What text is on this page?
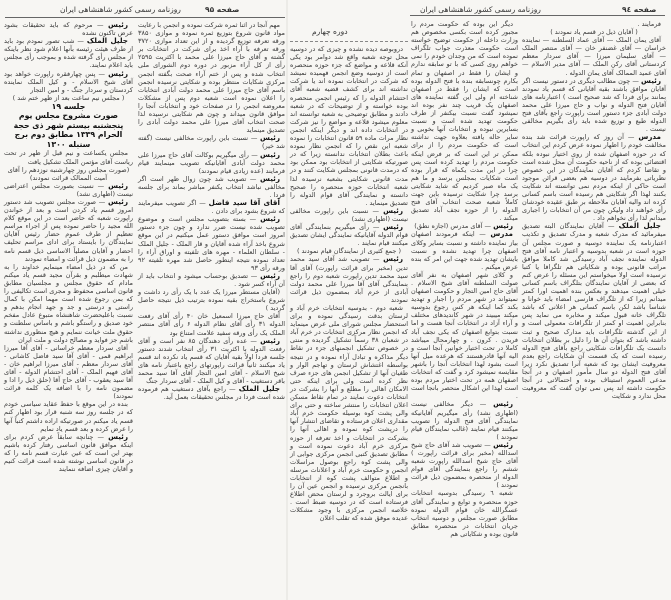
روزنامه رسمی کشور شاهنشاهی ایران	صفحه ۹۵
دوره چهارم
روزنامه رسمی کشور شاهنشاهی ایران	صفحه ۹٤

رئیس — مرحوم که باید تحقیقات بشود عرض تاکنون نشده

جلیل الملک — شب تصور نمودم بود باید از طرف هیئت رئیسه بآنها اعلام شود نظر باینکه از مجلس رأی گرفته شده و بموجب رأی مجلس باید اعلام نمایند.

رئیس — پس چهارفقره راپورت خواهد بود آقای شیخ الاسلام - و کیل الملک نماینده کردستان و سردار جنگ - و امین التجار

( مجلس نیم ساعت بعد از ظهر ختم شد )

جلسه ۱۹

صورت مشروح مجلس یوم پنجشنبه بیستم شهر ذی حجة الحرام ۱۳۳۹ مطابق دوم برج سنبله ۱۳۰۰

مجلس یکساعت و نیم قبل از ظهر در تحت ریاست آقای مؤتمن الملک تشکیل یافت

(صورت مجلس روز چهارشنبه نوزدهم را آقای آمیت الممالک قرائت نمودند)

رئیس — نسبت بصورت مجلس اعتراضی نیست (اظهاری نشد)

رئیس — صورت مجلس تصویب شد دستور امروز قسم یاد کردن است و بعد از خواندن راپورت شعبه که حاضر است در این موقع کلام الله مجید را حاضر نموده پس از اجراء مراسم تعظیم از طرف عموم حضار رئیس آقایان نمایندگان را بایستاد برای ادای مراسم تحلیف احضار و آقایان مصلیاً الاساسی ذیل قسم نامه را به مضمون ذیل قرائت و امضاء نمودند

من که در ذیل امضاء مینمایم خداوند را به شهادت میطلبم و بقرآن مجید قسم یاد میکنم مادام که حقوق مجلس و مجلسیان مطابق قانون اساسی محفوظ و مجری است تکالیفی را که بمن رجوع شده است مهما امکن با کمال راستی و درستی و جد و جهد انجام بدهم و نسبت باعلیحضرت شاهنشاه متبوع عادل مفخم خود صدیق و راستگو باشم و باساس سلطنت و حقوق ملت خیانت ننمایم و هیچ منظوری نداشته باشم جز فواید و مصالح دولت و ملت ایران

آقای سردار معظم خراسانی - آقای آقا میرزا ابراهیم قمی - آقای آقا سید فاضل کاشانی - آقای سردار معظم - آقای میرزا ابراهیم خان - آقای فهیم الملک - آقای احتشام الدوله - آقای آقا سید یعقوب - آقای حاج آقا (حلق ذیل را ادا و مضمون نامه را با اضافه یک کلمه قرائت نمودند)

بنده در این موقع با حفظ عقاید سیاسی خودم که در جلسه روز سه شنبه قرار بود اظهار کنم قسم یاد میکنم در صورتیکه اراده داشتم کتباً آنها را عرض کرده و بعد قسم یاد نمایم

رئیس — چنانچه سابقاً عرض کردم برای اینکه موافق قانون اساسی رفتار کرده باشیم بهتر این است که عین عبارت قسم نامه را که در قانون اساسی نوشته شده است قرائت کنیم و آقایان چیزی اضافه ننمایند

مهم آنجا در اثنا ثمره شرکت نموده و انجمن با رعایت مواد قانون شروع بتوزیع ثمره نموده و موازی ۳۸۵۰ ورقه تعرفه توزیع گردیده و از این تعداد موازی ۳۷۲۰ ورقه تعرفه با آراء اخذ برای شرکت در انتخابات بر گشته و آقای حاج میرزا علی محمد با اکثریت ۲۵۹۵ رأی از کل آراء مزبور در دوره دوم الشورای ملی انتخاب شده و پس از ختم آراء صحت بگفته انجمن مرکزی شکایات منتظر بوده و شکایتی نرسیده انجمن باسم آقای حاج میرزا علی محمد دولت آبادی انتخابات را اعلان نموده است شعبه دوم پس از مشکلات معروضه انجمن را در صفحات خود و انتخابات آنجا را موافق قانون میداند و چون هم شکایتی نرسیده لذا صحت انتخاب آقای میرزا علی محمد دولت آبادی را تصدیق مینماید

رئیس — نسبت باین راپورت مخالفی نیست (گفته شد خیر)

رئیس — رأی میگیریم بوکالت آقای حاج میرزا علی محمد دولت آبادی آقایانیکه تصویب مینمایند قیام فرمایند (عده زیادی قیام نمودند)

رئیس — تصویب شد چون زوال ظهر است اگر مخالفی نباشد انتخاب یکنفر مباشر بماند برای جلسه فردا .

آقای آقا سید فاضل — اگر تصویب میفرمایند که شروع بشود برای دادن .

رئیس — بسته بتصویب مجلس است و موضوع تصویب شده نیست ضرر ندارد و چون جزء دستور امروز است موافق دستور عمل میکنیم در این موقع شروع باخذ آراء شده آقایان و قار الملک - جلیل الملک - سلطان العلماء - مهره های تلفیته و اوراق آراء را تعداد نموده نتیجه اینطور حاصل شد مهره تلفیته ۹۲ ورقه رأی ۹۳

رئیس — تصدیق بوحساب میشود و انتخاب باید از آن آراء کسر شود .

(آقایان مستطر میرزا یک عدد با یک رأی رد داشت و شروع باستخراج بقیه نموده بترتیب ذیل نتیجه حاصل گردید )

آقای حاج میرزا اسمعیل خان ۴۰ رأی آقای رفعت الدوله ۳۱ رأی آقای نظام الدوله ۶ رأی آقای منتصر الملک یک رأی ورقه سفید علامت امتناع بود

رئیس — عده رأی دهندگان ۸۵ نفر است و آقای رفعت الدوله با اکثریت ۳۱ رأی انتخاب شدند دستور جلسه فردا اولاً بقیه آقایان که قسم یاد نکرده اند قسم یاد میکنند ثانیاً قرائت راپورتهای راجع باعتبار نامه های شیخ الاسلام - آقای امین التجار آقای آقا سید محمد باقر دستغیب - آقای و کیل الملک - آقای سردار جنگ

جلیل الملک — راجع بآقای دستغیب هم فرموده شده است فردا در مجلس تحقیقات بعمل آید.

دروبوصه دیده نشده و چیزی که در دوسیه محل توجه شعبه واقع شد دوامر بود یکی آنکه قلاعه و مواضع که جزء حوزه منحصره است از دوسیه وضع انجمن فهمیده نمیشد که شرکت در انتخابات نموده اند یا شرکت نداشته اند برای کشف قضیه شعبه آقای احتشام الدوله را که رئیس انجمن منحصره بوده خواسته و از توضیحات که در شعبه دادند و مطابق توضیحی به شعبه توانسته اند معلوم میشود قلاعه و مواضع را نیز شرکت در انتخابات داده اند و دیگر اینکه انجمن نظار مرات ماده ۵۹ قانون انتخابات را نموده شعبه این نقص را که انجمن نظار نموده باعث بطلان انتخابات ندانسته زیرا که در صورتیکه شکایتی از انتخابات بود ممکن بود که درمدت قانونی بمجلس شکایت کنند و در مدت قانونی شکایتی بشعبه نرسیده لذا شعبه انتخابات حوزه منحصره را صحیح دانسته و نمایندگی آقای قوام الدوله را تصدیق مینماید .

رئیس — نسبت باین راپورت مخالفی نیست (اظهاری نشد)

رئیس — رأی میگیریم بنمایندگی آقای قوام الدوله آقایانیکه نمایندگی ایشان تصدیق میکنند قیام نمایند .

( جمع کثیری از نمایندگان قیام نمودند )

رئیس — تصویب شد آقای سید محمد تدین (مخبر برای قرائت راپورت) آقای آقا سید محمد تدین راپورت شعبه دوم را راجع بنمایندگی آقای آقا میرزا علی محمد دولت آبادی از خرم آباد بمضمون ذیل قرائت نمودند

شعبه دوم - بدوسیه انتخابات خرم آباد و لرستان بدقت رسیدگی نموده و برای استحضار مجلس شورای ملی عرض مینماید که انجمن نظار مرکزی انتخابات در خرم آباد در شعبان ۳۸ رسماً تشکیل گردیده و منتی در خصوص تشکیل انجمنهای جزء در نقاط دیگر مذاکره و تبادل آراء نموده و در نتیجه بواسطه اغتشاش لرستان و تهاجم الوار و طغیان آنها از تشکیل انجمن های جزء صرف نظر کرده است ولی برای اینکه حتی الامکان اهالی را مطلع و آنها را بشرکت در انتخابات دعوت نمایند در تمام نقاط مسکن اعلان انتخابات را منتشر ساخته و حتی برای والی پشت کوه بوسیله حکومت خرم آباد مقداری اعلان فرستاده و تقاضای انتشار آنها را درپشت کوه نموده و اهالی آنها را بشرکت در انتخابات و اخذ تعرفه از حوزه مرکزی خرم آباد دعوت نموده است و مطابق تصدیق کتبی انجمن مرکزی جوابی از والی پشت کوه راجع بوصول مراسلات انجمن و حکومت خرم آباد و اعلانات مرسله و اطلاع متوالف پشت کوه از انتخابات بانجمن مرکزی نرسیده و انجمن عین آن را برای ایالت بروجرد و لرستان محض اطلاع فرستاده است که در دوسیه ضبط است . خلاصه انجمن مرکزی با وجود مشکلات عدیده موفق شده که تقلب اعلان

دیگر این بوده که حکومت مردم را مجبور کرده است بکسی مخصوص هم وزارت داخله از حکومت توضیح خواسته است حکومت معذرت جواب تلگراف نموده است که من وجدان خودم را نمی خواهم روی کسی که با تو سابقه ندارم و ایشان را فقط در اصفهان و تمام بکارم چونسابقه بنده با فتح الدوله بوده است که ایشان را فقط در اصفهان شناخته ام ولی این گفته نماینده های اصفهان یک قریب چند نفر بوده اند نمیشود گفت نسبت بیکنفر از طرف حکومت تهدید شده است و نسبت بسایرین نبوده و انتخابات آنها بخوبی و سایر حاله یافته بعلاوه جهت نداشته است که حکومت مردم را از برای ممکن تر این است که بر فرض اینکه حکومت مردم را تهدید کرده است پس چرا در این مدت یکماه که قرار بوده است شکایات بمجلس برسد و ما هم یک ماه صبر کردیم که شاید شکایتی برسد چرا شکایت نرسیده باین جهت کاملاً شعبه صحت انتخاب آقای فتح الدوله را از حوزه نجف آباد تصدیق میکند .

رئیس — آقای مدرس (اجازه نطق)

مدرس — اینکه فرمودند اصفهان بیاز نماینده داشته و نسبت بسایر وکلای اصفهان چرا تهدید نشده و نسبت بایشان تهدید شده جهت این امر که بنده عرض میکنم .

و کلای شهر اصفهان به نفر آقای صولت السلطنه آقای شیخ الاسلام . آقای حاج امین التجار و حکومت اصفهان نمیتواند در شهر مردم را اجبار و تهدید بکند کما اینکه هر کس رجوع بدوسیه میکند میبیند در شهر کاندیدهای مختلف و آراء آزاد در انتخابات آنجا هست و اما نسبت بتوابع اصفهان که یکی نجف آباد فریدن . کرون . و چهارمحال میباشد کاملا در تحت اختیار خوانین آنجا است و الیه آنها قادرهستند که هرعده میل آنها است بشود لهذا انتخابات آنجا را باشهر مقایسه نمیشود کرد و گفت که انتخابات اصفهان همه در تحت اختیار مردم بوده است لهذا این اشکال منحصر بانجا است .

رئیس — دیگر مخالفی نیست (اظهاری نشد) رأی میگیریم آقایانیکه نمایندگی آقای فتح الدوله را تصویب میکنند قیام نمایند (غالب نمایندگان قیام نمودند )

رئیس — تصویب شد آقای حاج شیخ اسدالله (مخبر برای قرائت راپورت ) آقای حاج شیخ اسدالله راپورت شعبه ششم را راجع بنمایندگی آقای قوام الدوله از منحصره بمضمون ذیل قرائت نمودند )

شعبه ٦ رسیدگی بدوسیه انتخابات حوزه منحصره و توابع و نمایندگی آقای عسگرالله خان قوام الدوله نموده مطابق صورت مجلس و دوسیه انتخاب جریان انتخابات در منحصره مطابق قانون بوده و شکایاتی هم

فرمایند .

( آقایان ذیل در قسم یاد نمودند )

آقای یمان الملک — آقای عماد السلطنه — نماینده خراسان — آقای غضنفر خان — آقای منتصر الملک — آقای سلیمان میرزا — آقای سردار معظم کردستانی آقای رکن الملک — آقای مدیر الاسلام — آقای عمید الممالک آقای یمان الدوله .

رئیس — چون مطالب دیگری در دستور نیست اگر آقایان موافق باشند بقیه آقایانی که قسم یاد نمودند بمانند برای فردا که شد صحیح است ) اعتبارنامه های آقایان فتح الدوله و نواب و حاج میرزا علی محمد دولت آبادی جزء دستور است راپورت راجع بآقای فتح الدوله طبع و توزیع شده باید رأی بگیریم مخالفی نیست .

مدرس — آن روز که راپورت قرائت شد بنده مخالفت خودم را اظهار نموده عرض کردم این انتخاب که در حوزه اصفهان شده از روی اختیار نبوده بلکه اقتضائی بوده که از ناحیه حکومت آن محل شده است و تقاضا کردم که آقایان نمایندگان در این خصوص نظریاتی بفرمایند در دوسیه هم بعضی قرائن موجود است حاکی از اینکه مردم نمی توانسته اند شکایت بکنند لهذا اگر شکایتی هم رسیده است باسم کسانی کرده اند والیه آقایان ملاحظه بر طبق عقیده خودشان رأی خواهند داد ولیکن چون من آن انتخابات را اجباری میدانم لذا رأی نخواهم داد .

جلیل الملک — آقایان نمایندگان البته تصدیق میفرمائید که مدرک شعبه و مدرک تصدیق و تکذیب اعتبارنامه یک نماینده دوسیه و صورت مجلس آن حوزه است در شعبه بدوسیه و اعتبار نامه آقای فتح الدوله نماینده نجف آباد رسیدگی شد کاملا موافق مراتب قانونی بوده و شکایاتی هم تلگرافا یا کتبا نرسیده است اولا میخواستم این مسئله را عرض کنم که بعضی از آقایان نمایندگان بتلگراف باسم کسانی خیلی اهمیت میدهند و بعکس بنده اهمیت اورا کمتر میدانم زیرا که از تلگراف فارسی امضاء باید خوانا و شناسا باشد لکن باسم کسانی هر اعلانی که باشد تلگراف خانه قبول میکند و مخابره می نماید پس بنابراین اهمیت او کمتر از تلگرافات معمولی است و از این گذشته تلگرافات باید مدارک صحیح و ثبت داشته باشد که بتوان آن ها را دلیل بر بطلان انتخابات دانست یک تلگرافات شکایتی راجع بآقای فتح الدوله رسیده است که یک قسمت آن شکایات راجع بعدم معروفیت ایشان بود که شعبه آنرا تصدیق نکرد زیرا آقای فتح الدوله دو سال مأمور اصفهان و در آنجا مدعی العموم استیناف بوده و احتمالاتی در آنجا حکومت داشته اند پس نمی توان گفت که معروفیت محل ندارد و شکایت
